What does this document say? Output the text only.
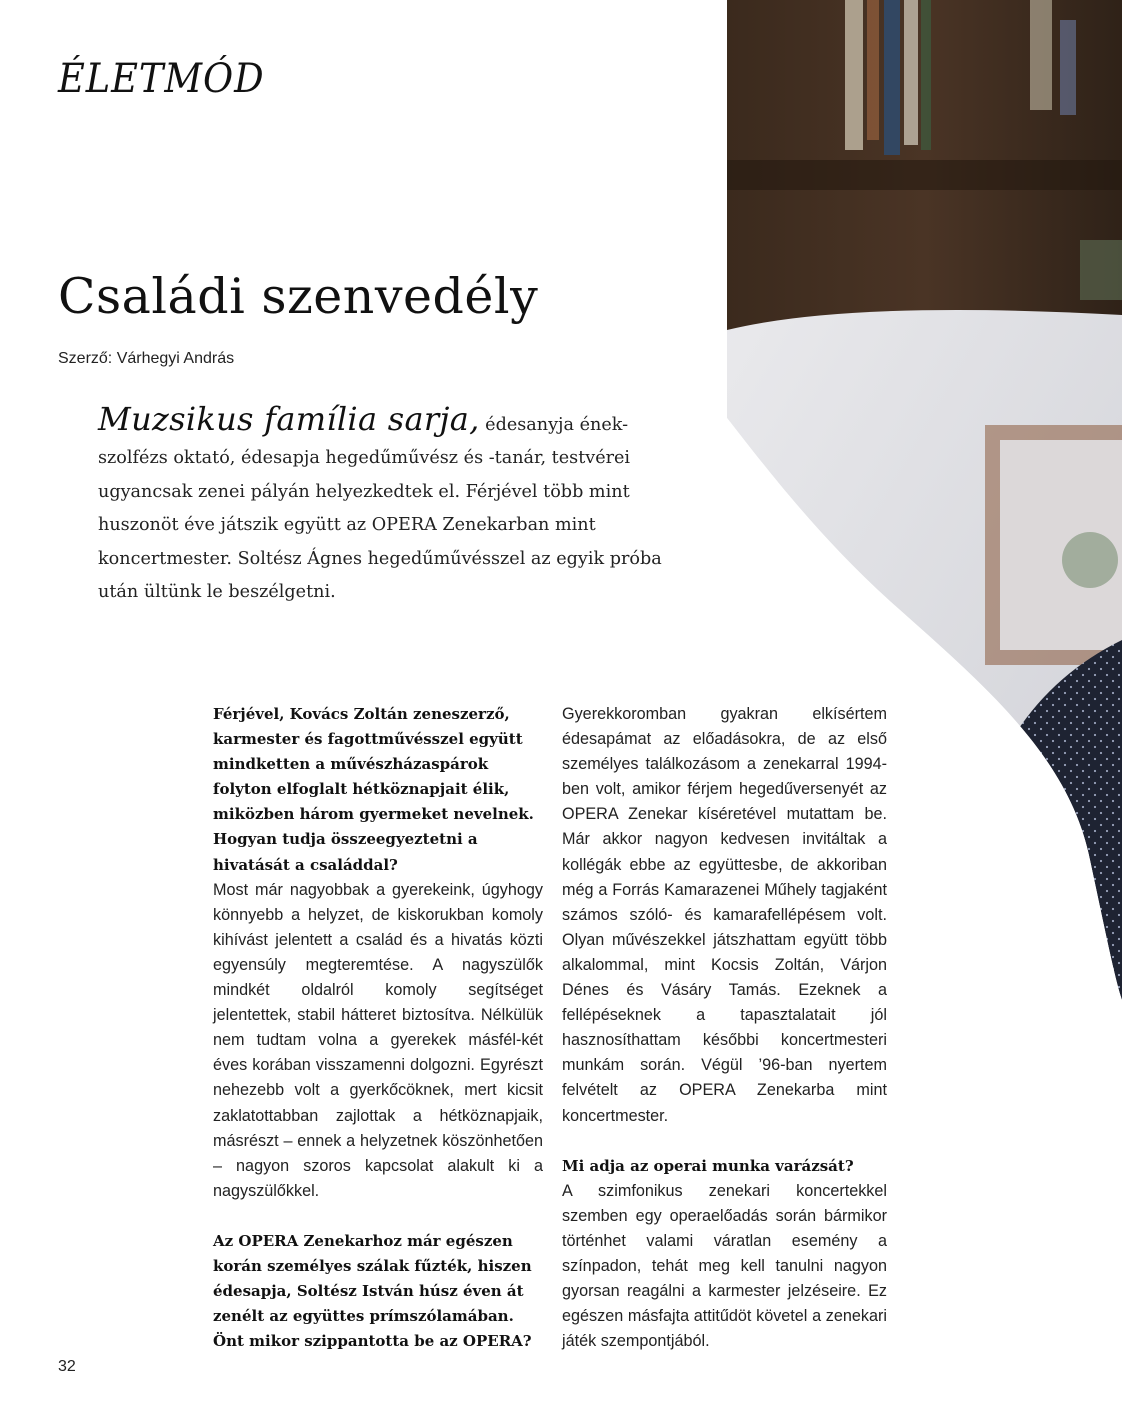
ÉLETMÓD
Családi szenvedély
Szerző: Várhegyi András

Muzsikus família sarja, édesanyja ének-szolfézs oktató, édesapja hegedűművész és -tanár, testvérei ugyancsak zenei pályán helyezkedtek el. Férjével több mint huszonöt éve játszik együtt az OPERA Zenekarban mint koncertmester. Soltész Ágnes hegedűművésszel az egyik próba után ültünk le beszélgetni.

Férjével, Kovács Zoltán zeneszerző, karmester és fagottművésszel együtt mindketten a művészházaspárok folyton elfoglalt hétköznapjait élik, miközben három gyermeket nevelnek. Hogyan tudja összeegyeztetni a hivatását a családdal?

Most már nagyobbak a gyerekeink, úgyhogy könnyebb a helyzet, de kiskorukban komoly kihívást jelentett a család és a hivatás közti egyensúly megteremtése. A nagyszülők mindkét oldalról komoly segítséget jelentettek, stabil hátteret biztosítva. Nélkülük nem tudtam volna a gyerekek másfél-két éves korában visszamenni dolgozni. Egyrészt nehezebb volt a gyerkőcöknek, mert kicsit zaklatottabban zajlottak a hétköznapjaik, másrészt – ennek a helyzetnek köszönhetően – nagyon szoros kapcsolat alakult ki a nagyszülőkkel.

Az OPERA Zenekarhoz már egészen korán személyes szálak fűzték, hiszen édesapja, Soltész István húsz éven át zenélt az együttes prímszólamában. Önt mikor szippantotta be az OPERA?

Gyerekkoromban gyakran elkísértem édesapámat az előadásokra, de az első személyes találkozásom a zenekarral 1994-ben volt, amikor férjem hegedűversenyét az OPERA Zenekar kíséretével mutattam be. Már akkor nagyon kedvesen invitáltak a kollégák ebbe az együttesbe, de akkoriban még a Forrás Kamarazenei Műhely tagjaként számos szóló- és kamarafellépésem volt. Olyan művészekkel játszhattam együtt több alkalommal, mint Kocsis Zoltán, Várjon Dénes és Vásáry Tamás. Ezeknek a fellépéseknek a tapasztalatait jól hasznosíthattam későbbi koncertmesteri munkám során. Végül ’96-ban nyertem felvételt az OPERA Zenekarba mint koncertmester.

Mi adja az operai munka varázsát?

A szimfonikus zenekari koncertekkel szemben egy operaelőadás során bármikor történhet valami váratlan esemény a színpadon, tehát meg kell tanulni nagyon gyorsan reagálni a karmester jelzéseire. Ez egészen másfajta attitűdöt követel a zenekari játék szempontjából.

32
